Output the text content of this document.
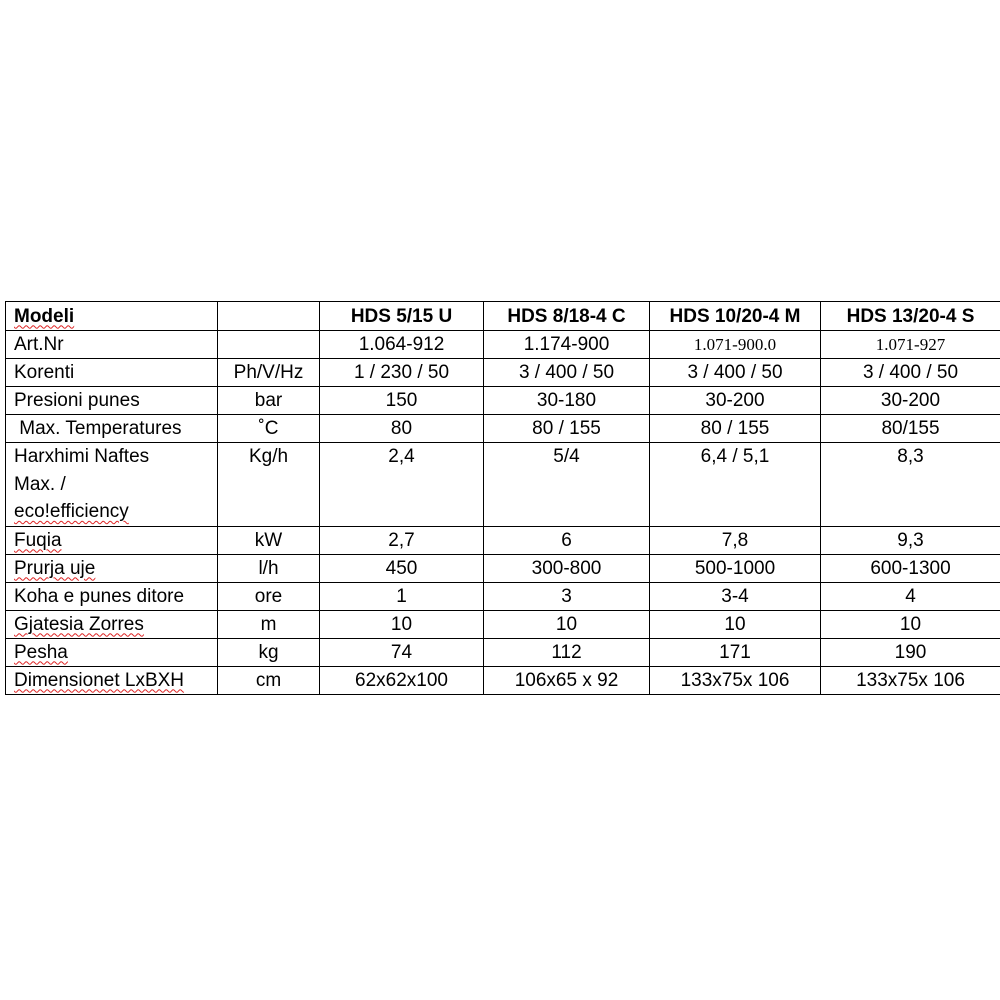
Modeli		HDS 5/15 U	HDS 8/18-4 C	HDS 10/20-4 M	HDS 13/20-4 S
Art.Nr		1.064-912	1.174-900	1.071-900.0	1.071-927
Korenti	Ph/V/Hz	1 / 230 / 50	3 / 400 / 50	3 / 400 / 50	3 / 400 / 50
Presioni punes	bar	150	30-180	30-200	30-200
Max. Temperatures	˚C	80	80 / 155	80 / 155	80/155

Harxhimi Naftes
Max. /
eco!efficiency	Kg/h	2,4	5/4	6,4 / 5,1	8,3
Fuqia	kW	2,7	6	7,8	9,3
Prurja uje	l/h	450	300-800	500-1000	600-1300
Koha e punes ditore	ore	1	3	3-4	4
Gjatesia Zorres	m	10	10	10	10
Pesha	kg	74	112	171	190
Dimensionet LxBXH	cm	62x62x100	106x65 x 92	133x75x 106	133x75x 106
